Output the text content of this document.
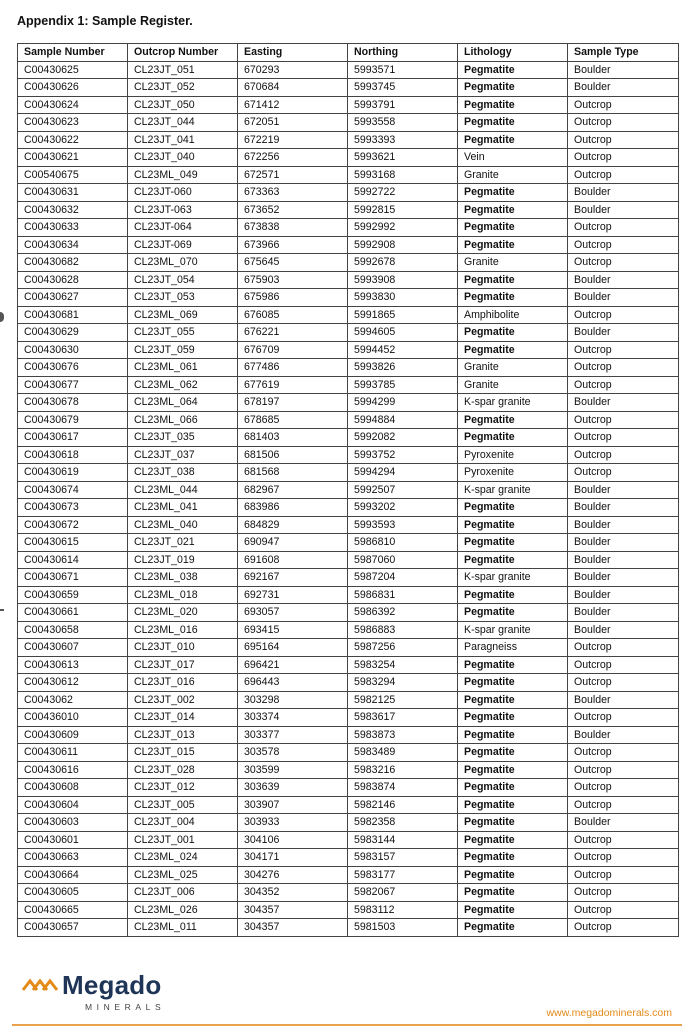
Appendix 1: Sample Register.
Sample Number	Outcrop Number	Easting	Northing	Lithology	Sample Type
C00430625	CL23JT_051	670293	5993571	Pegmatite	Boulder
C00430626	CL23JT_052	670684	5993745	Pegmatite	Boulder
C00430624	CL23JT_050	671412	5993791	Pegmatite	Outcrop
C00430623	CL23JT_044	672051	5993558	Pegmatite	Outcrop
C00430622	CL23JT_041	672219	5993393	Pegmatite	Outcrop
C00430621	CL23JT_040	672256	5993621	Vein	Outcrop
C00540675	CL23ML_049	672571	5993168	Granite	Outcrop
C00430631	CL23JT-060	673363	5992722	Pegmatite	Boulder
C00430632	CL23JT-063	673652	5992815	Pegmatite	Boulder
C00430633	CL23JT-064	673838	5992992	Pegmatite	Outcrop
C00430634	CL23JT-069	673966	5992908	Pegmatite	Outcrop
C00430682	CL23ML_070	675645	5992678	Granite	Outcrop
C00430628	CL23JT_054	675903	5993908	Pegmatite	Boulder
C00430627	CL23JT_053	675986	5993830	Pegmatite	Boulder
C00430681	CL23ML_069	676085	5991865	Amphibolite	Outcrop
C00430629	CL23JT_055	676221	5994605	Pegmatite	Boulder
C00430630	CL23JT_059	676709	5994452	Pegmatite	Outcrop
C00430676	CL23ML_061	677486	5993826	Granite	Outcrop
C00430677	CL23ML_062	677619	5993785	Granite	Outcrop
C00430678	CL23ML_064	678197	5994299	K-spar granite	Boulder
C00430679	CL23ML_066	678685	5994884	Pegmatite	Outcrop
C00430617	CL23JT_035	681403	5992082	Pegmatite	Outcrop
C00430618	CL23JT_037	681506	5993752	Pyroxenite	Outcrop
C00430619	CL23JT_038	681568	5994294	Pyroxenite	Outcrop
C00430674	CL23ML_044	682967	5992507	K-spar granite	Boulder
C00430673	CL23ML_041	683986	5993202	Pegmatite	Boulder
C00430672	CL23ML_040	684829	5993593	Pegmatite	Boulder
C00430615	CL23JT_021	690947	5986810	Pegmatite	Boulder
C00430614	CL23JT_019	691608	5987060	Pegmatite	Boulder
C00430671	CL23ML_038	692167	5987204	K-spar granite	Boulder
C00430659	CL23ML_018	692731	5986831	Pegmatite	Boulder
C00430661	CL23ML_020	693057	5986392	Pegmatite	Boulder
C00430658	CL23ML_016	693415	5986883	K-spar granite	Boulder
C00430607	CL23JT_010	695164	5987256	Paragneiss	Outcrop
C00430613	CL23JT_017	696421	5983254	Pegmatite	Outcrop
C00430612	CL23JT_016	696443	5983294	Pegmatite	Outcrop
C0043062	CL23JT_002	303298	5982125	Pegmatite	Boulder
C00436010	CL23JT_014	303374	5983617	Pegmatite	Outcrop
C00430609	CL23JT_013	303377	5983873	Pegmatite	Boulder
C00430611	CL23JT_015	303578	5983489	Pegmatite	Outcrop
C00430616	CL23JT_028	303599	5983216	Pegmatite	Outcrop
C00430608	CL23JT_012	303639	5983874	Pegmatite	Outcrop
C00430604	CL23JT_005	303907	5982146	Pegmatite	Outcrop
C00430603	CL23JT_004	303933	5982358	Pegmatite	Boulder
C00430601	CL23JT_001	304106	5983144	Pegmatite	Outcrop
C00430663	CL23ML_024	304171	5983157	Pegmatite	Outcrop
C00430664	CL23ML_025	304276	5983177	Pegmatite	Outcrop
C00430605	CL23JT_006	304352	5982067	Pegmatite	Outcrop
C00430665	CL23ML_026	304357	5983112	Pegmatite	Outcrop
C00430657	CL23ML_011	304357	5981503	Pegmatite	Outcrop
Megado
MINERALS	www.megadominerals.com
